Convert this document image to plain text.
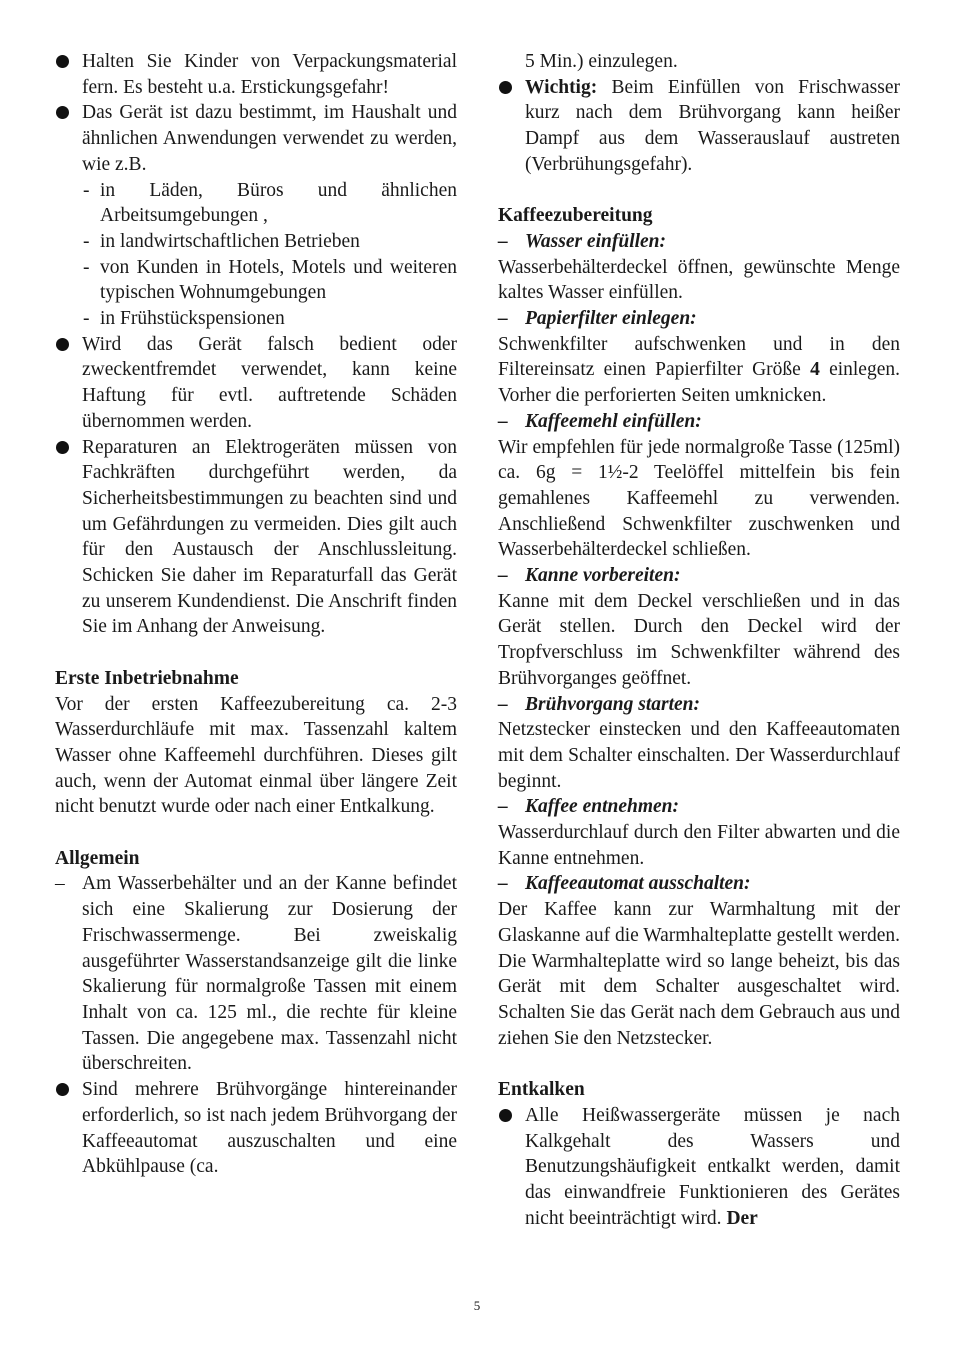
Halten Sie Kinder von Verpackungsmaterial fern. Es besteht u.a. Erstickungsgefahr!
Das Gerät ist dazu bestimmt, im Haushalt und ähnlichen Anwendungen verwendet zu werden, wie z.B.
- in Läden, Büros und ähnlichen Arbeitsumgebungen ,
- in landwirtschaftlichen Betrieben
- von Kunden in Hotels, Motels und weiteren typischen Wohnumgebungen
- in Frühstückspensionen
Wird das Gerät falsch bedient oder zweckentfremdet verwendet, kann keine Haftung für evtl. auftretende Schäden übernommen werden.
Reparaturen an Elektrogeräten müssen von Fachkräften durchgeführt werden, da Sicherheitsbestimmungen zu beachten sind und um Gefährdungen zu vermeiden. Dies gilt auch für den Austausch der Anschlussleitung. Schicken Sie daher im Reparaturfall das Gerät zu unserem Kundendienst. Die Anschrift finden Sie im Anhang der Anweisung.
Erste Inbetriebnahme

Vor der ersten Kaffeezubereitung ca. 2-3 Wasserdurchläufe mit max. Tassenzahl kaltem Wasser ohne Kaffeemehl durchführen. Dieses gilt auch, wenn der Automat einmal über längere Zeit nicht benutzt wurde oder nach einer Entkalkung.

Allgemein
– Am Wasserbehälter und an der Kanne befindet sich eine Skalierung zur Dosierung der Frischwassermenge. Bei zweiskalig ausgeführter Wasserstandsanzeige gilt die linke Skalierung für normalgroße Tassen mit einem Inhalt von ca. 125 ml., die rechte für kleine Tassen. Die angegebene max. Tassenzahl nicht überschreiten.
Sind mehrere Brühvorgänge hintereinander erforderlich, so ist nach jedem Brühvorgang der Kaffeeautomat auszuschalten und eine Abkühlpause (ca.
5 Min.) einzulegen.
Wichtig: Beim Einfüllen von Frischwasser kurz nach dem Brühvorgang kann heißer Dampf aus dem Wasserauslauf austreten (Verbrühungsgefahr).
Kaffeezubereitung
– Wasser einfüllen:

Wasserbehälterdeckel öffnen, gewünschte Menge kaltes Wasser einfüllen.

– Papierfilter einlegen:

Schwenkfilter aufschwenken und in den Filtereinsatz einen Papierfilter Größe 4 einlegen. Vorher die perforierten Seiten umknicken.

– Kaffeemehl einfüllen:

Wir empfehlen für jede normalgroße Tasse (125ml) ca. 6g = 1½-2 Teelöffel mittelfein bis fein gemahlenes Kaffeemehl zu verwenden. Anschließend Schwenkfilter zuschwenken und Wasserbehälterdeckel schließen.

– Kanne vorbereiten:

Kanne mit dem Deckel verschließen und in das Gerät stellen. Durch den Deckel wird der Tropfverschluss im Schwenkfilter während des Brühvorganges geöffnet.

– Brühvorgang starten:

Netzstecker einstecken und den Kaffeeautomaten mit dem Schalter einschalten. Der Wasserdurchlauf beginnt.

– Kaffee entnehmen:

Wasserdurchlauf durch den Filter abwarten und die Kanne entnehmen.

– Kaffeeautomat ausschalten:

Der Kaffee kann zur Warmhaltung mit der Glaskanne auf die Warmhalteplatte gestellt werden. Die Warmhalteplatte wird so lange beheizt, bis das Gerät mit dem Schalter ausgeschaltet wird. Schalten Sie das Gerät nach dem Gebrauch aus und ziehen Sie den Netzstecker.

Entkalken
Alle Heißwassergeräte müssen je nach Kalkgehalt des Wassers und Benutzungshäufigkeit entkalkt werden, damit das einwandfreie Funktionieren des Gerätes nicht beeinträchtigt wird. Der
5
